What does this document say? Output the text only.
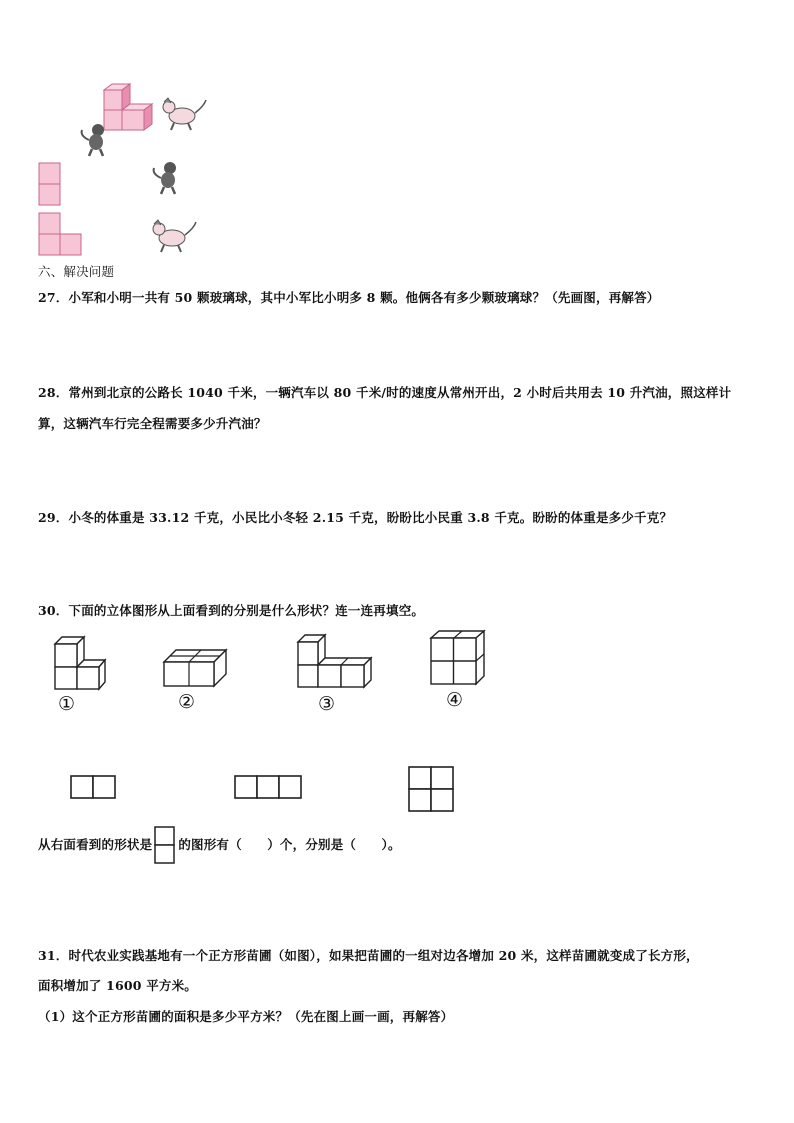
六、解决问题
27．小军和小明一共有 50 颗玻璃球，其中小军比小明多 8 颗。他俩各有多少颗玻璃球？（先画图，再解答）
28．常州到北京的公路长 1040 千米，一辆汽车以 80 千米/时的速度从常州开出，2 小时后共用去 10 升汽油，照这样计
算，这辆汽车行完全程需要多少升汽油？
29．小冬的体重是 33.12 千克，小民比小冬轻 2.15 千克，盼盼比小民重 3.8 千克。盼盼的体重是多少千克？
30．下面的立体图形从上面看到的分别是什么形状？连一连再填空。
①	②	③	④
从右面看到的形状是 的图形有（　　）个，分别是（　　）。
31．时代农业实践基地有一个正方形苗圃（如图），如果把苗圃的一组对边各增加 20 米，这样苗圃就变成了长方形，
面积增加了 1600 平方米。
（1）这个正方形苗圃的面积是多少平方米？（先在图上画一画，再解答）
